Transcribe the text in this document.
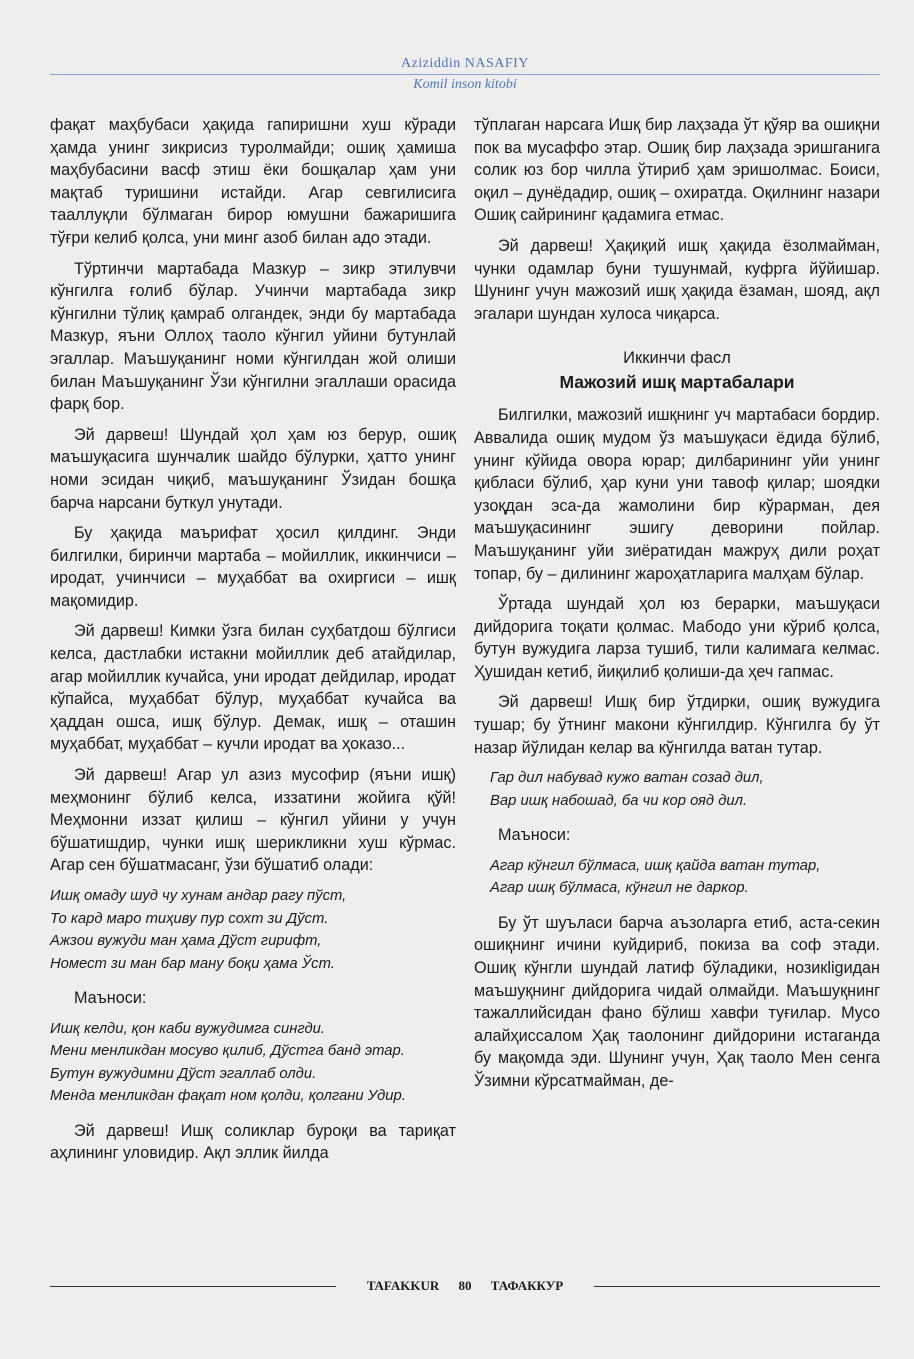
Aziziddin NASAFIY
Komil inson kitobi

фақат маҳбубаси ҳақида гапиришни хуш кўради ҳамда унинг зикрисиз туролмайди; ошиқ ҳамиша маҳбубасини васф этиш ёки бошқалар ҳам уни мақтаб туришини истайди. Агар севгилисига тааллуқли бўлмаган бирор юмушни бажаришига тўғри келиб қолса, уни минг азоб билан адо этади.

Тўртинчи мартабада Мазкур – зикр этилувчи кўнгилга ғолиб бўлар. Учинчи мартабада зикр кўнгилни тўлиқ қамраб олгандек, энди бу мартабада Мазкур, яъни Оллоҳ таоло кўнгил уйини бутунлай эгаллар. Маъшуқанинг номи кўнгилдан жой олиши билан Маъшуқанинг Ўзи кўнгилни эгаллаши орасида фарқ бор.

Эй дарвеш! Шундай ҳол ҳам юз берур, ошиқ маъшуқасига шунчалик шайдо бўлурки, ҳатто унинг номи эсидан чиқиб, маъшуқанинг Ўзидан бошқа барча нарсани буткул унутади.

Бу ҳақида маърифат ҳосил қилдинг. Энди билгилки, биринчи мартаба – мойиллик, иккинчиси – иродат, учинчиси – муҳаббат ва охиргиси – ишқ мақомидир.

Эй дарвеш! Кимки ўзга билан суҳбатдош бўлгиси келса, дастлабки истакни мойиллик деб атайдилар, агар мойиллик кучайса, уни иродат дейдилар, иродат кўпайса, муҳаббат бўлур, муҳаббат кучайса ва ҳаддан ошса, ишқ бўлур. Демак, ишқ – оташин муҳаббат, муҳаббат – кучли иродат ва ҳоказо...

Эй дарвеш! Агар ул азиз мусофир (яъни ишқ) меҳмонинг бўлиб келса, иззатини жойига қўй! Меҳмонни иззат қилиш – кўнгил уйини у учун бўшатишдир, чунки ишқ шерикликни хуш кўрмас. Агар сен бўшатмасанг, ўзи бўшатиб олади:

Ишқ омаду шуд чу хунам андар рагу пўст,
То кард маро тиҳиву пур сохт зи Дўст.
Ажзои вужуди ман ҳама Дўст гирифт,
Номест зи ман бар ману боқи ҳама Ўст.
Маъноси:
Ишқ келди, қон каби вужудимга сингди.
Мени менликдан мосуво қилиб, Дўстга банд этар.
Бутун вужудимни Дўст эгаллаб олди.
Менда менликдан фақат ном қолди, қолгани Удир.

Эй дарвеш! Ишқ соликлар буроқи ва тариқат аҳлининг уловидир. Ақл эллик йилда

тўплаган нарсага Ишқ бир лаҳзада ўт қўяр ва ошиқни пок ва мусаффо этар. Ошиқ бир лаҳзада эришганига солик юз бор чилла ўтириб ҳам эришолмас. Боиси, оқил – дунёдадир, ошиқ – охиратда. Оқилнинг назари Ошиқ сайрининг қадамига етмас.

Эй дарвеш! Ҳақиқий ишқ ҳақида ёзолмайман, чунки одамлар буни тушунмай, куфрга йўйишар. Шунинг учун мажозий ишқ ҳақида ёзаман, шояд, ақл эгалари шундан хулоса чиқарса.

Иккинчи фасл
Мажозий ишқ мартабалари

Билгилки, мажозий ишқнинг уч мартабаси бордир. Аввалида ошиқ мудом ўз маъшуқаси ёдида бўлиб, унинг кўйида овора юрар; дилбарининг уйи унинг қибласи бўлиб, ҳар куни уни тавоф қилар; шоядки узоқдан эса-да жамолини бир кўрарман, дея маъшуқасининг эшигу деворини пойлар. Маъшуқанинг уйи зиёратидан мажруҳ дили роҳат топар, бу – дилининг жароҳатларига малҳам бўлар.

Ўртада шундай ҳол юз берарки, маъшуқаси дийдорига тоқати қолмас. Мабодо уни кўриб қолса, бутун вужудига ларза тушиб, тили калимага келмас. Ҳушидан кетиб, йиқилиб қолиши-да ҳеч гапмас.

Эй дарвеш! Ишқ бир ўтдирки, ошиқ вужудига тушар; бу ўтнинг макони кўнгилдир. Кўнгилга бу ўт назар йўлидан келар ва кўнгилда ватан тутар.

Гар дил набувад кужо ватан созад дил,
Вар ишқ набошад, ба чи кор ояд дил.
Маъноси:
Агар кўнгил бўлмаса, ишқ қайда ватан тутар,
Агар ишқ бўлмаса, кўнгил не даркор.

Бу ўт шуъласи барча аъзоларга етиб, аста-секин ошиқнинг ичини куйдириб, покиза ва соф этади. Ошиқ кўнгли шундай латиф бўладики, нозикligидан маъшуқнинг дийдорига чидай олмайди. Маъшуқнинг тажаллийсидан фано бўлиш хавфи туғилар. Мусо алайҳиссалом Ҳақ таолонинг дийдорини истаганда бу мақомда эди. Шунинг учун, Ҳақ таоло Мен сенга Ўзимни кўрсатмайман, де-

TAFAKKUR 80 ТАФАККУР
